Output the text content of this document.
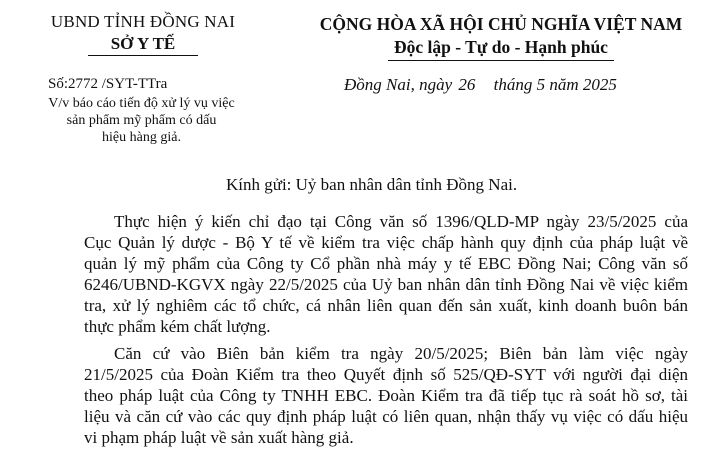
UBND TỈNH ĐỒNG NAI
SỞ Y TẾ
Số:2772 /SYT-TTra
V/v báo cáo tiến độ xử lý vụ việc
sản phẩm mỹ phẩm có dấu
hiệu hàng giả.
CỘNG HÒA XÃ HỘI CHỦ NGHĨA VIỆT NAM
Độc lập - Tự do - Hạnh phúc
Đồng Nai, ngày 26 tháng 5 năm 2025
Kính gửi: Uỷ ban nhân dân tỉnh Đồng Nai.
Thực hiện ý kiến chỉ đạo tại Công văn số 1396/QLD-MP ngày 23/5/2025 của
Cục Quản lý dược - Bộ Y tế về kiểm tra việc chấp hành quy định của pháp luật về
quản lý mỹ phẩm của Công ty Cổ phần nhà máy y tế EBC Đồng Nai; Công văn số
6246/UBND-KGVX ngày 22/5/2025 của Uỷ ban nhân dân tỉnh Đồng Nai về việc kiểm
tra, xử lý nghiêm các tổ chức, cá nhân liên quan đến sản xuất, kinh doanh buôn bán
thực phẩm kém chất lượng.
Căn cứ vào Biên bản kiểm tra ngày 20/5/2025; Biên bản làm việc ngày
21/5/2025 của Đoàn Kiểm tra theo Quyết định số 525/QĐ-SYT với người đại diện
theo pháp luật của Công ty TNHH EBC. Đoàn Kiểm tra đã tiếp tục rà soát hồ sơ, tài
liệu và căn cứ vào các quy định pháp luật có liên quan, nhận thấy vụ việc có dấu hiệu
vi phạm pháp luật về sản xuất hàng giả.
